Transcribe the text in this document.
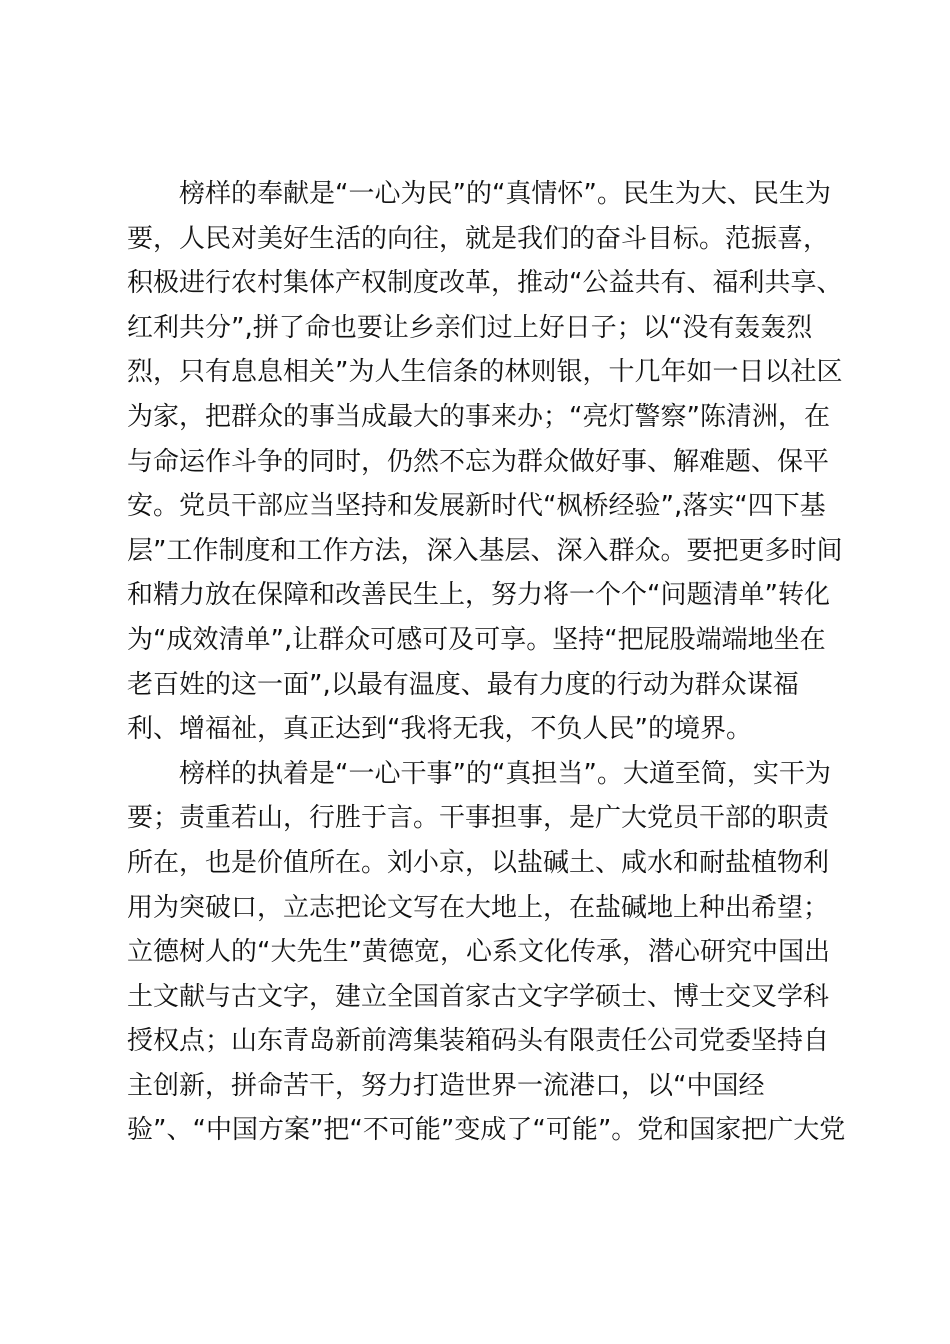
榜样的奉献是“一心为民”的“真情怀”。民生为大、民生为
要，人民对美好生活的向往，就是我们的奋斗目标。范振喜，
积极进行农村集体产权制度改革，推动“公益共有、福利共享、
红利共分”,拼了命也要让乡亲们过上好日子；以“没有轰轰烈
烈，只有息息相关”为人生信条的林则银，十几年如一日以社区
为家，把群众的事当成最大的事来办；“亮灯警察”陈清洲，在
与命运作斗争的同时，仍然不忘为群众做好事、解难题、保平
安。党员干部应当坚持和发展新时代“枫桥经验”,落实“四下基
层”工作制度和工作方法，深入基层、深入群众。要把更多时间
和精力放在保障和改善民生上，努力将一个个“问题清单”转化
为“成效清单”,让群众可感可及可享。坚持“把屁股端端地坐在
老百姓的这一面”,以最有温度、最有力度的行动为群众谋福
利、增福祉，真正达到“我将无我，不负人民”的境界。
榜样的执着是“一心干事”的“真担当”。大道至简，实干为
要；责重若山，行胜于言。干事担事，是广大党员干部的职责
所在，也是价值所在。刘小京，以盐碱土、咸水和耐盐植物利
用为突破口，立志把论文写在大地上，在盐碱地上种出希望；
立德树人的“大先生”黄德宽，心系文化传承，潜心研究中国出
土文献与古文字，建立全国首家古文字学硕士、博士交叉学科
授权点；山东青岛新前湾集装箱码头有限责任公司党委坚持自
主创新，拼命苦干，努力打造世界一流港口，以“中国经
验”、“中国方案”把“不可能”变成了“可能”。党和国家把广大党
